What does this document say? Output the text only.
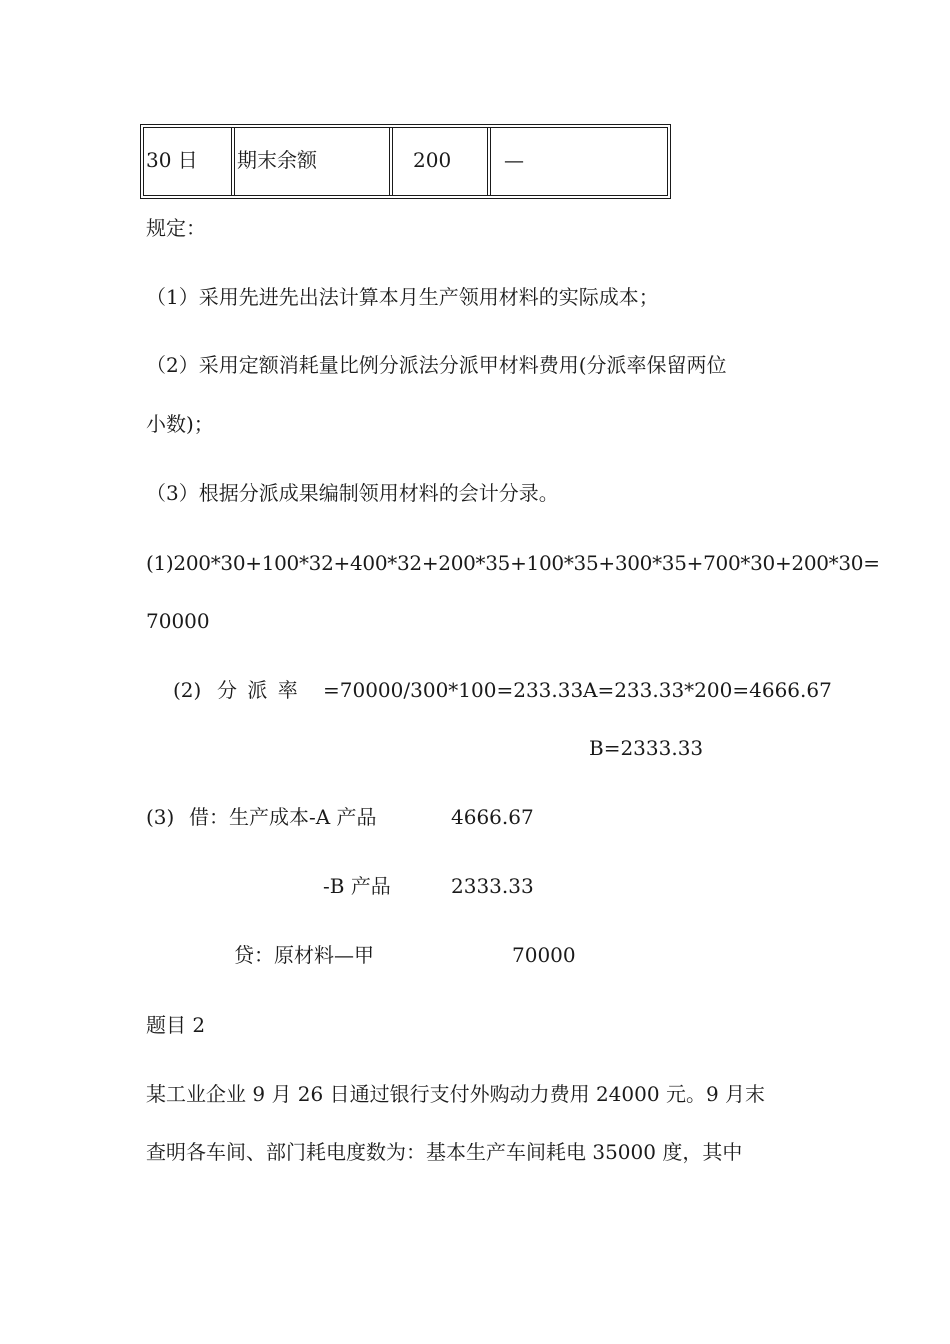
30 日 期末余额	200	—
规定：
（1）采用先进先出法计算本月生产领用材料的实际成本；
（2）采用定额消耗量比例分派法分派甲材料费用(分派率保留两位
小数)；
（3）根据分派成果编制领用材料的会计分录。
(1)200*30+100*32+400*32+200*35+100*35+300*35+700*30+200*30=
70000
(2) 分 派 率 =70000/300*100=233.33 A=233.33*200=4666.67
B=2333.33
(3) 借：生产成本-A 产品	4666.67
-B 产品	2333.33
贷：原材料—甲	70000
题目 2
某工业企业 9 月 26 日通过银行支付外购动力费用 24000 元。9 月末
查明各车间、部门耗电度数为：基本生产车间耗电 35000 度，其中
